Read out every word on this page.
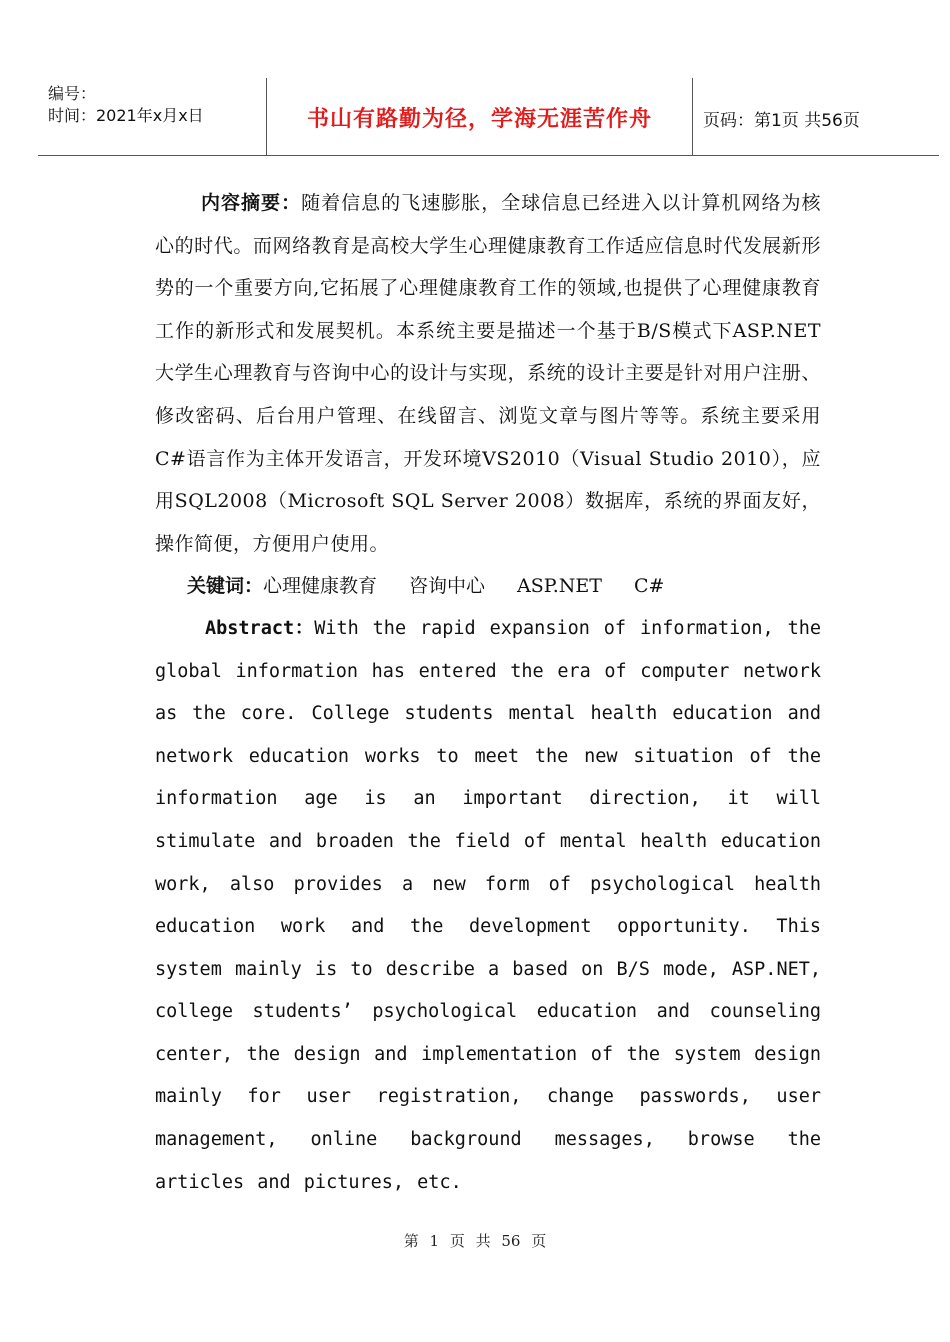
编号：
时间：2021年x月x日	书山有路勤为径，学海无涯苦作舟	页码：第1页 共56页

内容摘要：随着信息的飞速膨胀，全球信息已经进入以计算机网络为核心的时代。而网络教育是高校大学生心理健康教育工作适应信息时代发展新形势的一个重要方向,它拓展了心理健康教育工作的领域,也提供了心理健康教育工作的新形式和发展契机。本系统主要是描述一个基于B/S模式下ASP.NET大学生心理教育与咨询中心的设计与实现，系统的设计主要是针对用户注册、修改密码、后台用户管理、在线留言、浏览文章与图片等等。系统主要采用C#语言作为主体开发语言，开发环境VS2010（Visual Studio 2010），应用SQL2008（Microsoft SQL Server 2008）数据库，系统的界面友好，操作简便，方便用户使用。

关键词：心理健康教育 咨询中心 ASP.NET C#

Abstract：With the rapid expansion of information, the global information has entered the era of computer network as the core. College students mental health education and network education works to meet the new situation of the information age is an important direction, it will stimulate and broaden the field of mental health education work, also provides a new form of psychological health education work and the development opportunity. This system mainly is to describe a based on B/S mode, ASP.NET, college students’ psychological education and counseling center, the design and implementation of the system design mainly for user registration, change passwords, user management, online background messages, browse the articles and pictures, etc.

第 1 页 共 56 页
